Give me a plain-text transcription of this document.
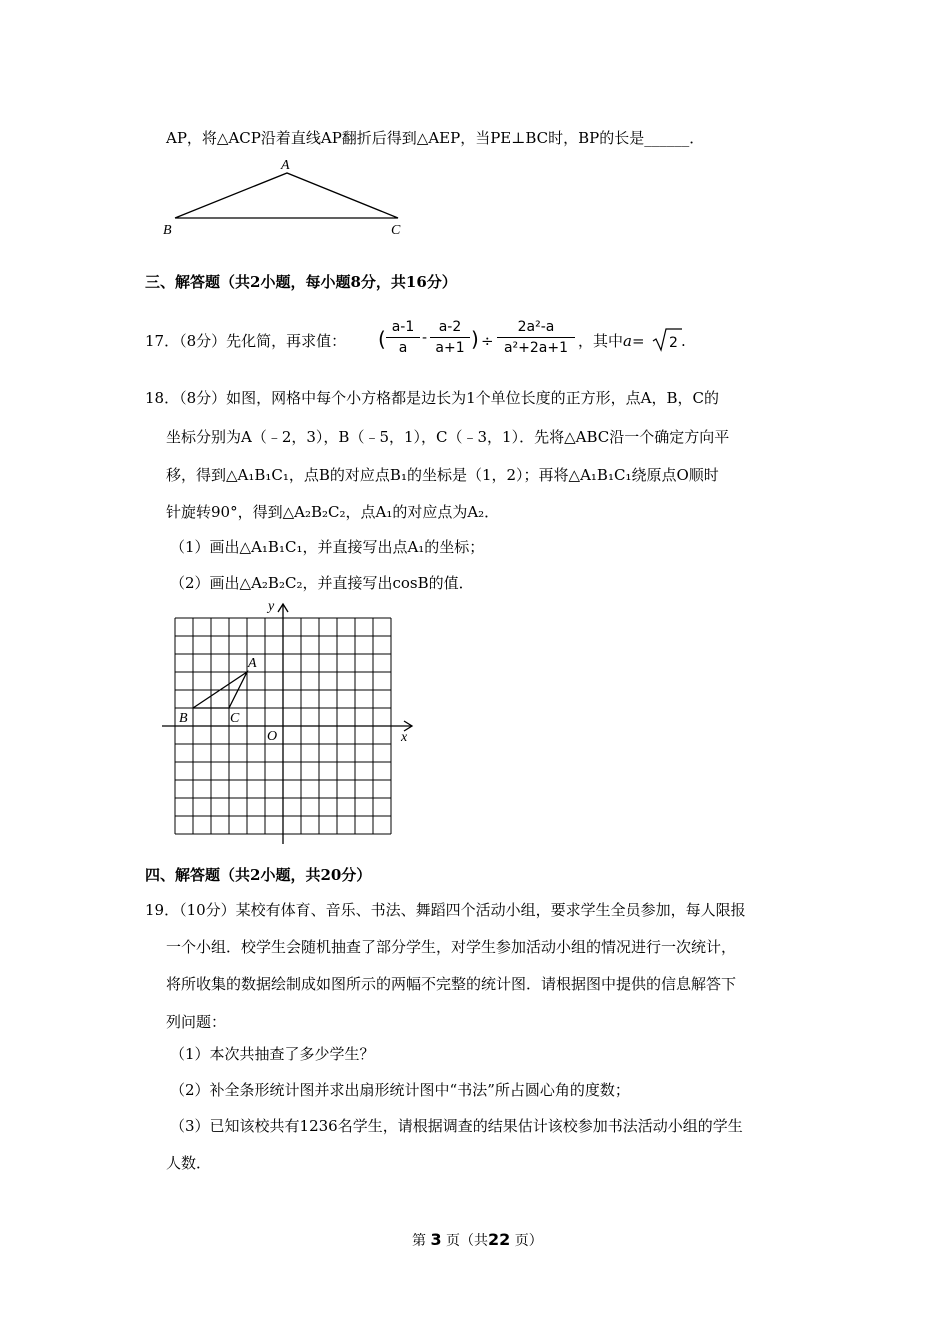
AP，将△ACP沿着直线AP翻折后得到△AEP，当PE⊥BC时，BP的长是______．
A
B	C
三、解答题（共2小题，每小题8分，共16分）
17．（8分）先化简，再求值： ( a-1
a
-
a-2
a+1 ) ÷
2a²-a
a²+2a+1 ，其中a= 2 .
18．（8分）如图，网格中每个小方格都是边长为1个单位长度的正方形，点A，B，C的
坐标分别为A（﹣2，3），B（﹣5，1），C（﹣3，1）．先将△ABC沿一个确定方向平
移，得到△A₁B₁C₁，点B的对应点B₁的坐标是（1，2）；再将△A₁B₁C₁绕原点O顺时
针旋转90°，得到△A₂B₂C₂，点A₁的对应点为A₂．
（1）画出△A₁B₁C₁，并直接写出点A₁的坐标；
（2）画出△A₂B₂C₂，并直接写出cosB的值．
y
x
O
A
B	C
四、解答题（共2小题，共20分）
19．（10分）某校有体育、音乐、书法、舞蹈四个活动小组，要求学生全员参加，每人限报
一个小组．校学生会随机抽查了部分学生，对学生参加活动小组的情况进行一次统计，
将所收集的数据绘制成如图所示的两幅不完整的统计图．请根据图中提供的信息解答下
列问题：
（1）本次共抽查了多少学生？
（2）补全条形统计图并求出扇形统计图中“书法”所占圆心角的度数；
（3）已知该校共有1236名学生，请根据调查的结果估计该校参加书法活动小组的学生
人数．
第 3 页（共22 页）
